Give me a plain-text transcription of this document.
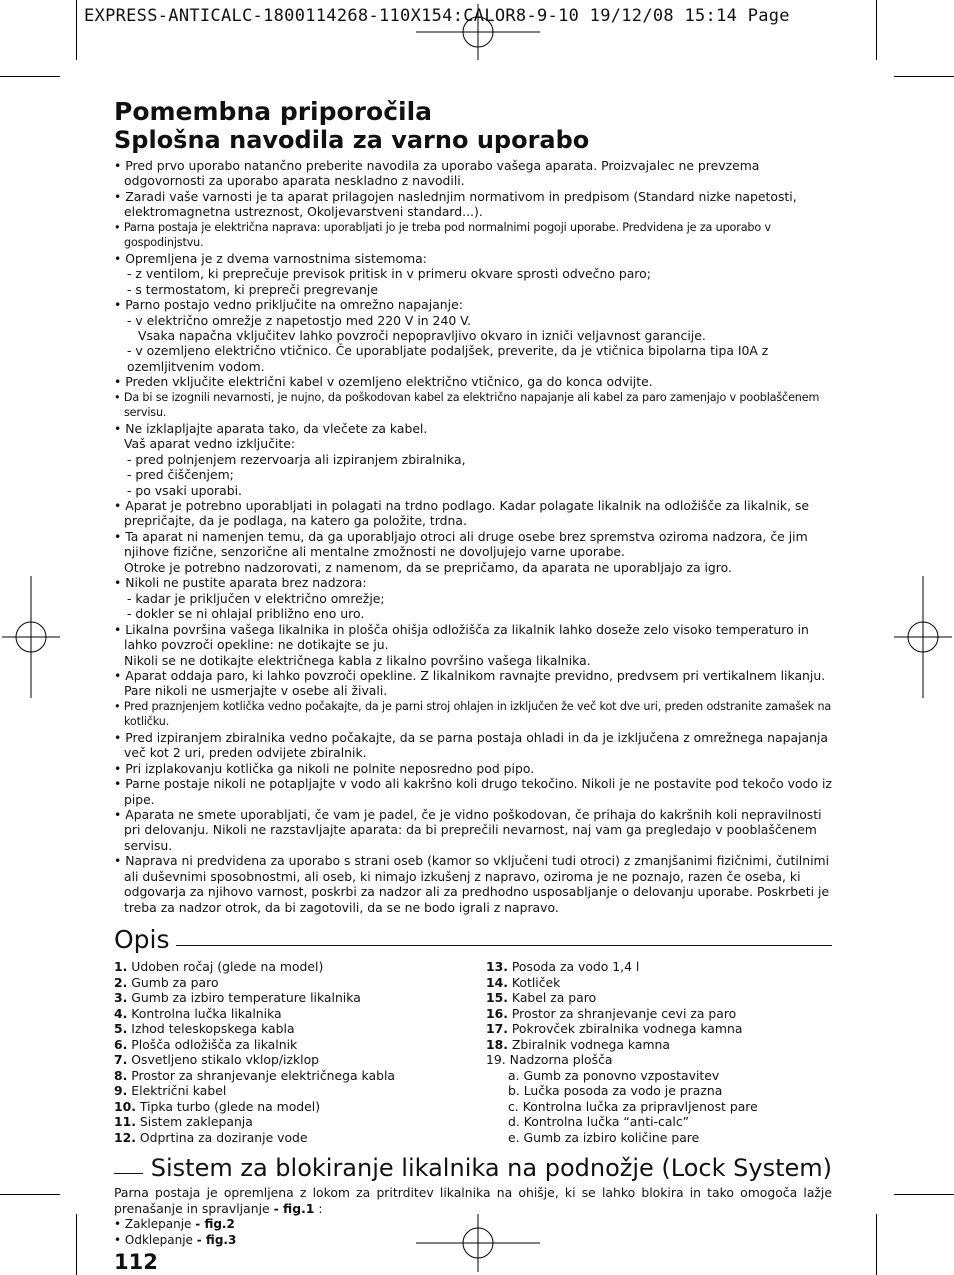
EXPRESS-ANTICALC-1800114268-110X154:CALOR8-9-10 19/12/08 15:14 Page
Pomembna priporočila
Splošna navodila za varno uporabo
• Pred prvo uporabo natančno preberite navodila za uporabo vašega aparata. Proizvajalec ne prevzema odgovornosti za uporabo aparata neskladno z navodili.
• Zaradi vaše varnosti je ta aparat prilagojen naslednjim normativom in predpisom (Standard nizke napetosti, elektromagnetna ustreznost, Okoljevarstveni standard...).
• Parna postaja je električna naprava: uporabljati jo je treba pod normalnimi pogoji uporabe. Predvidena je za uporabo v gospodinjstvu.
• Opremljena je z dvema varnostnima sistemoma:
- z ventilom, ki preprečuje previsok pritisk in v primeru okvare sprosti odvečno paro;
- s termostatom, ki prepreči pregrevanje
• Parno postajo vedno priključite na omrežno napajanje:
- v električno omrežje z napetostjo med 220 V in 240 V.
Vsaka napačna vključitev lahko povzroči nepopravljivo okvaro in izniči veljavnost garancije.
- v ozemljeno električno vtičnico. Če uporabljate podaljšek, preverite, da je vtičnica bipolarna tipa I0A z ozemljitvenim vodom.
• Preden vključite električni kabel v ozemljeno električno vtičnico, ga do konca odvijte.
• Da bi se izognili nevarnosti, je nujno, da poškodovan kabel za električno napajanje ali kabel za paro zamenjajo v pooblaščenem servisu.
• Ne izklapljajte aparata tako, da vlečete za kabel.
Vaš aparat vedno izključite:
- pred polnjenjem rezervoarja ali izpiranjem zbiralnika,
- pred čiščenjem;
- po vsaki uporabi.
• Aparat je potrebno uporabljati in polagati na trdno podlago. Kadar polagate likalnik na odložišče za likalnik, se prepričajte, da je podlaga, na katero ga položite, trdna.
• Ta aparat ni namenjen temu, da ga uporabljajo otroci ali druge osebe brez spremstva oziroma nadzora, če jim njihove fizične, senzorične ali mentalne zmožnosti ne dovoljujejo varne uporabe.
Otroke je potrebno nadzorovati, z namenom, da se prepričamo, da aparata ne uporabljajo za igro.
• Nikoli ne pustite aparata brez nadzora:
- kadar je priključen v električno omrežje;
- dokler se ni ohlajal približno eno uro.
• Likalna površina vašega likalnika in plošča ohišja odložišča za likalnik lahko doseže zelo visoko temperaturo in lahko povzroči opekline: ne dotikajte se ju.
Nikoli se ne dotikajte električnega kabla z likalno površino vašega likalnika.
• Aparat oddaja paro, ki lahko povzroči opekline. Z likalnikom ravnajte previdno, predvsem pri vertikalnem likanju. Pare nikoli ne usmerjajte v osebe ali živali.
• Pred praznjenjem kotlička vedno počakajte, da je parni stroj ohlajen in izključen že več kot dve uri, preden odstranite zamašek na kotličku.
• Pred izpiranjem zbiralnika vedno počakajte, da se parna postaja ohladi in da je izključena z omrežnega napajanja več kot 2 uri, preden odvijete zbiralnik.
• Pri izplakovanju kotlička ga nikoli ne polnite neposredno pod pipo.
• Parne postaje nikoli ne potapljajte v vodo ali kakršno koli drugo tekočino. Nikoli je ne postavite pod tekočo vodo iz pipe.
• Aparata ne smete uporabljati, če vam je padel, če je vidno poškodovan, če prihaja do kakršnih koli nepravilnosti pri delovanju. Nikoli ne razstavljajte aparata: da bi preprečili nevarnost, naj vam ga pregledajo v pooblaščenem servisu.
• Naprava ni predvidena za uporabo s strani oseb (kamor so vključeni tudi otroci) z zmanjšanimi fizičnimi, čutilnimi ali duševnimi sposobnostmi, ali oseb, ki nimajo izkušenj z napravo, oziroma je ne poznajo, razen če oseba, ki odgovarja za njihovo varnost, poskrbi za nadzor ali za predhodno usposabljanje o delovanju uporabe. Poskrbeti je treba za nadzor otrok, da bi zagotovili, da se ne bodo igrali z napravo.
Opis
1. Udoben ročaj (glede na model)
2. Gumb za paro
3. Gumb za izbiro temperature likalnika
4. Kontrolna lučka likalnika
5. Izhod teleskopskega kabla
6. Plošča odložišča za likalnik
7. Osvetljeno stikalo vklop/izklop
8. Prostor za shranjevanje električnega kabla
9. Električni kabel
10. Tipka turbo (glede na model)
11. Sistem zaklepanja
12. Odprtina za doziranje vode
13. Posoda za vodo 1,4 l
14. Kotliček
15. Kabel za paro
16. Prostor za shranjevanje cevi za paro
17. Pokrovček zbiralnika vodnega kamna
18. Zbiralnik vodnega kamna
19. Nadzorna plošča
a. Gumb za ponovno vzpostavitev
b. Lučka posoda za vodo je prazna
c. Kontrolna lučka za pripravljenost pare
d. Kontrolna lučka “anti-calc”
e. Gumb za izbiro količine pare
Sistem za blokiranje likalnika na podnožje (Lock System)
Parna postaja je opremljena z lokom za pritrditev likalnika na ohišje, ki se lahko blokira in tako omogoča lažje prenašanje in spravljanje - fig.1 :
• Zaklepanje - fig.2
• Odklepanje - fig.3
112
